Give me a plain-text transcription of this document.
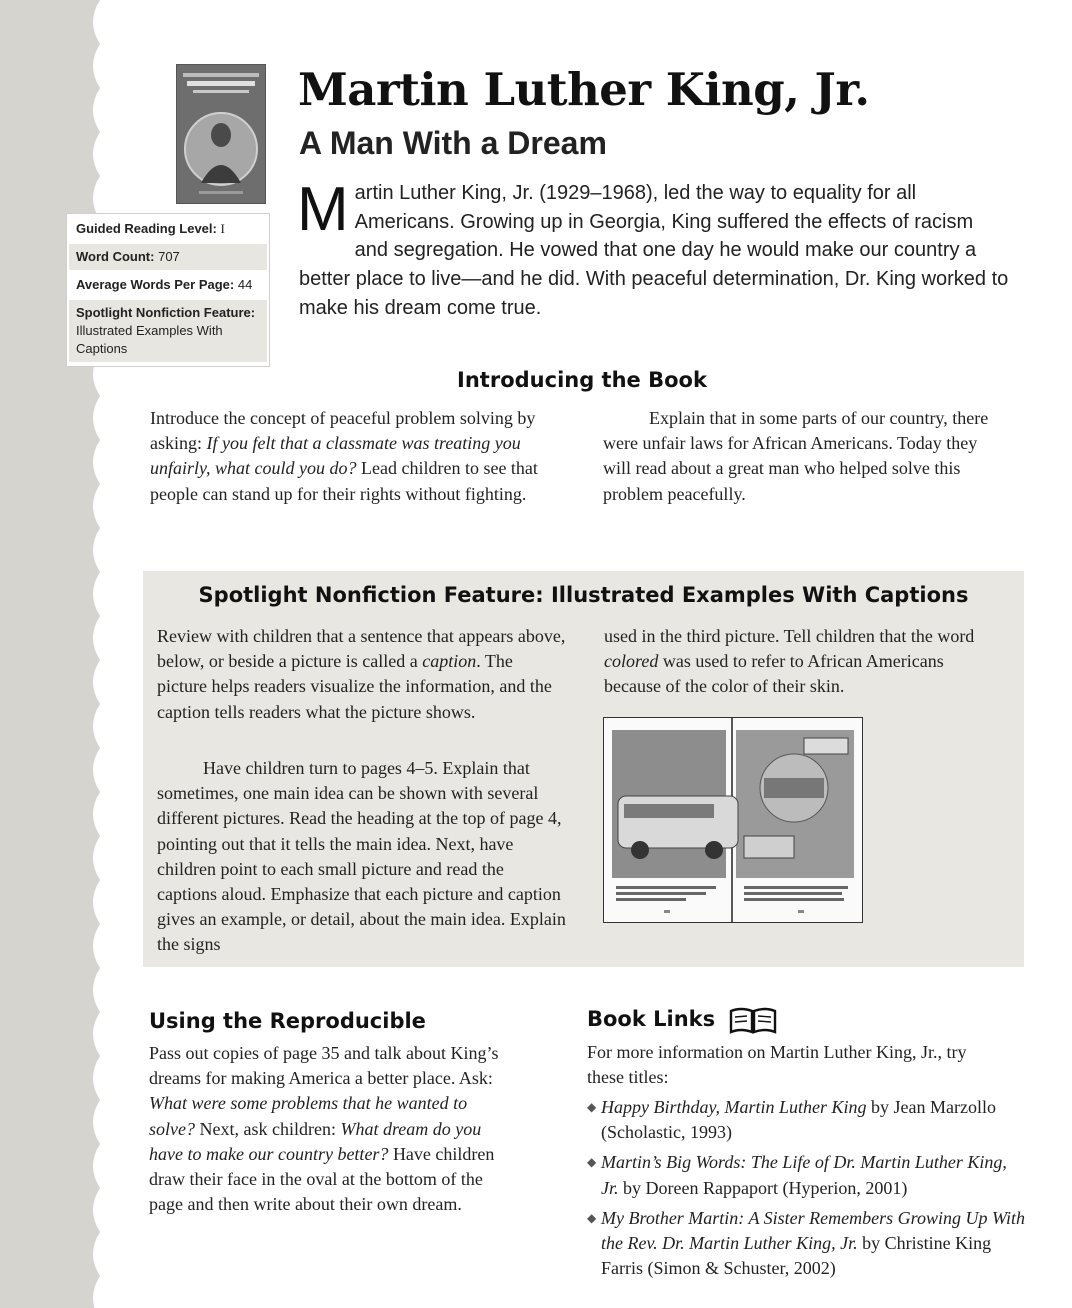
Guided Reading Level: I
Word Count: 707
Average Words Per Page: 44
Spotlight Nonfiction Feature:
Illustrated Examples With Captions
Martin Luther King, Jr.
A Man With a Dream

Martin Luther King, Jr. (1929–1968), led the way to equality for all Americans. Growing up in Georgia, King suffered the effects of racism and segregation. He vowed that one day he would make our country a better place to live—and he did. With peaceful determination, Dr. King worked to make his dream come true.

Introducing the Book

Introduce the concept of peaceful problem solving by asking: If you felt that a classmate was treating you unfairly, what could you do? Lead children to see that people can stand up for their rights without fighting.

Explain that in some parts of our country, there were unfair laws for African Americans. Today they will read about a great man who helped solve this problem peacefully.

Spotlight Nonfiction Feature: Illustrated Examples With Captions

Review with children that a sentence that appears above, below, or beside a picture is called a caption. The picture helps readers visualize the information, and the caption tells readers what the picture shows.

Have children turn to pages 4–5. Explain that sometimes, one main idea can be shown with several different pictures. Read the heading at the top of page 4, pointing out that it tells the main idea. Next, have children point to each small picture and read the captions aloud. Emphasize that each picture and caption gives an example, or detail, about the main idea. Explain the signs

used in the third picture. Tell children that the word colored was used to refer to African Americans because of the color of their skin.

Using the Reproducible

Pass out copies of page 35 and talk about King’s dreams for making America a better place. Ask: What were some problems that he wanted to solve? Next, ask children: What dream do you have to make our country better? Have children draw their face in the oval at the bottom of the page and then write about their own dream.

Book Links

For more information on Martin Luther King, Jr., try these titles:

◆ Happy Birthday, Martin Luther King by Jean Marzollo (Scholastic, 1993)
◆ Martin’s Big Words: The Life of Dr. Martin Luther King, Jr. by Doreen Rappaport (Hyperion, 2001)
◆ My Brother Martin: A Sister Remembers Growing Up With the Rev. Dr. Martin Luther King, Jr. by Christine King Farris (Simon & Schuster, 2002)
